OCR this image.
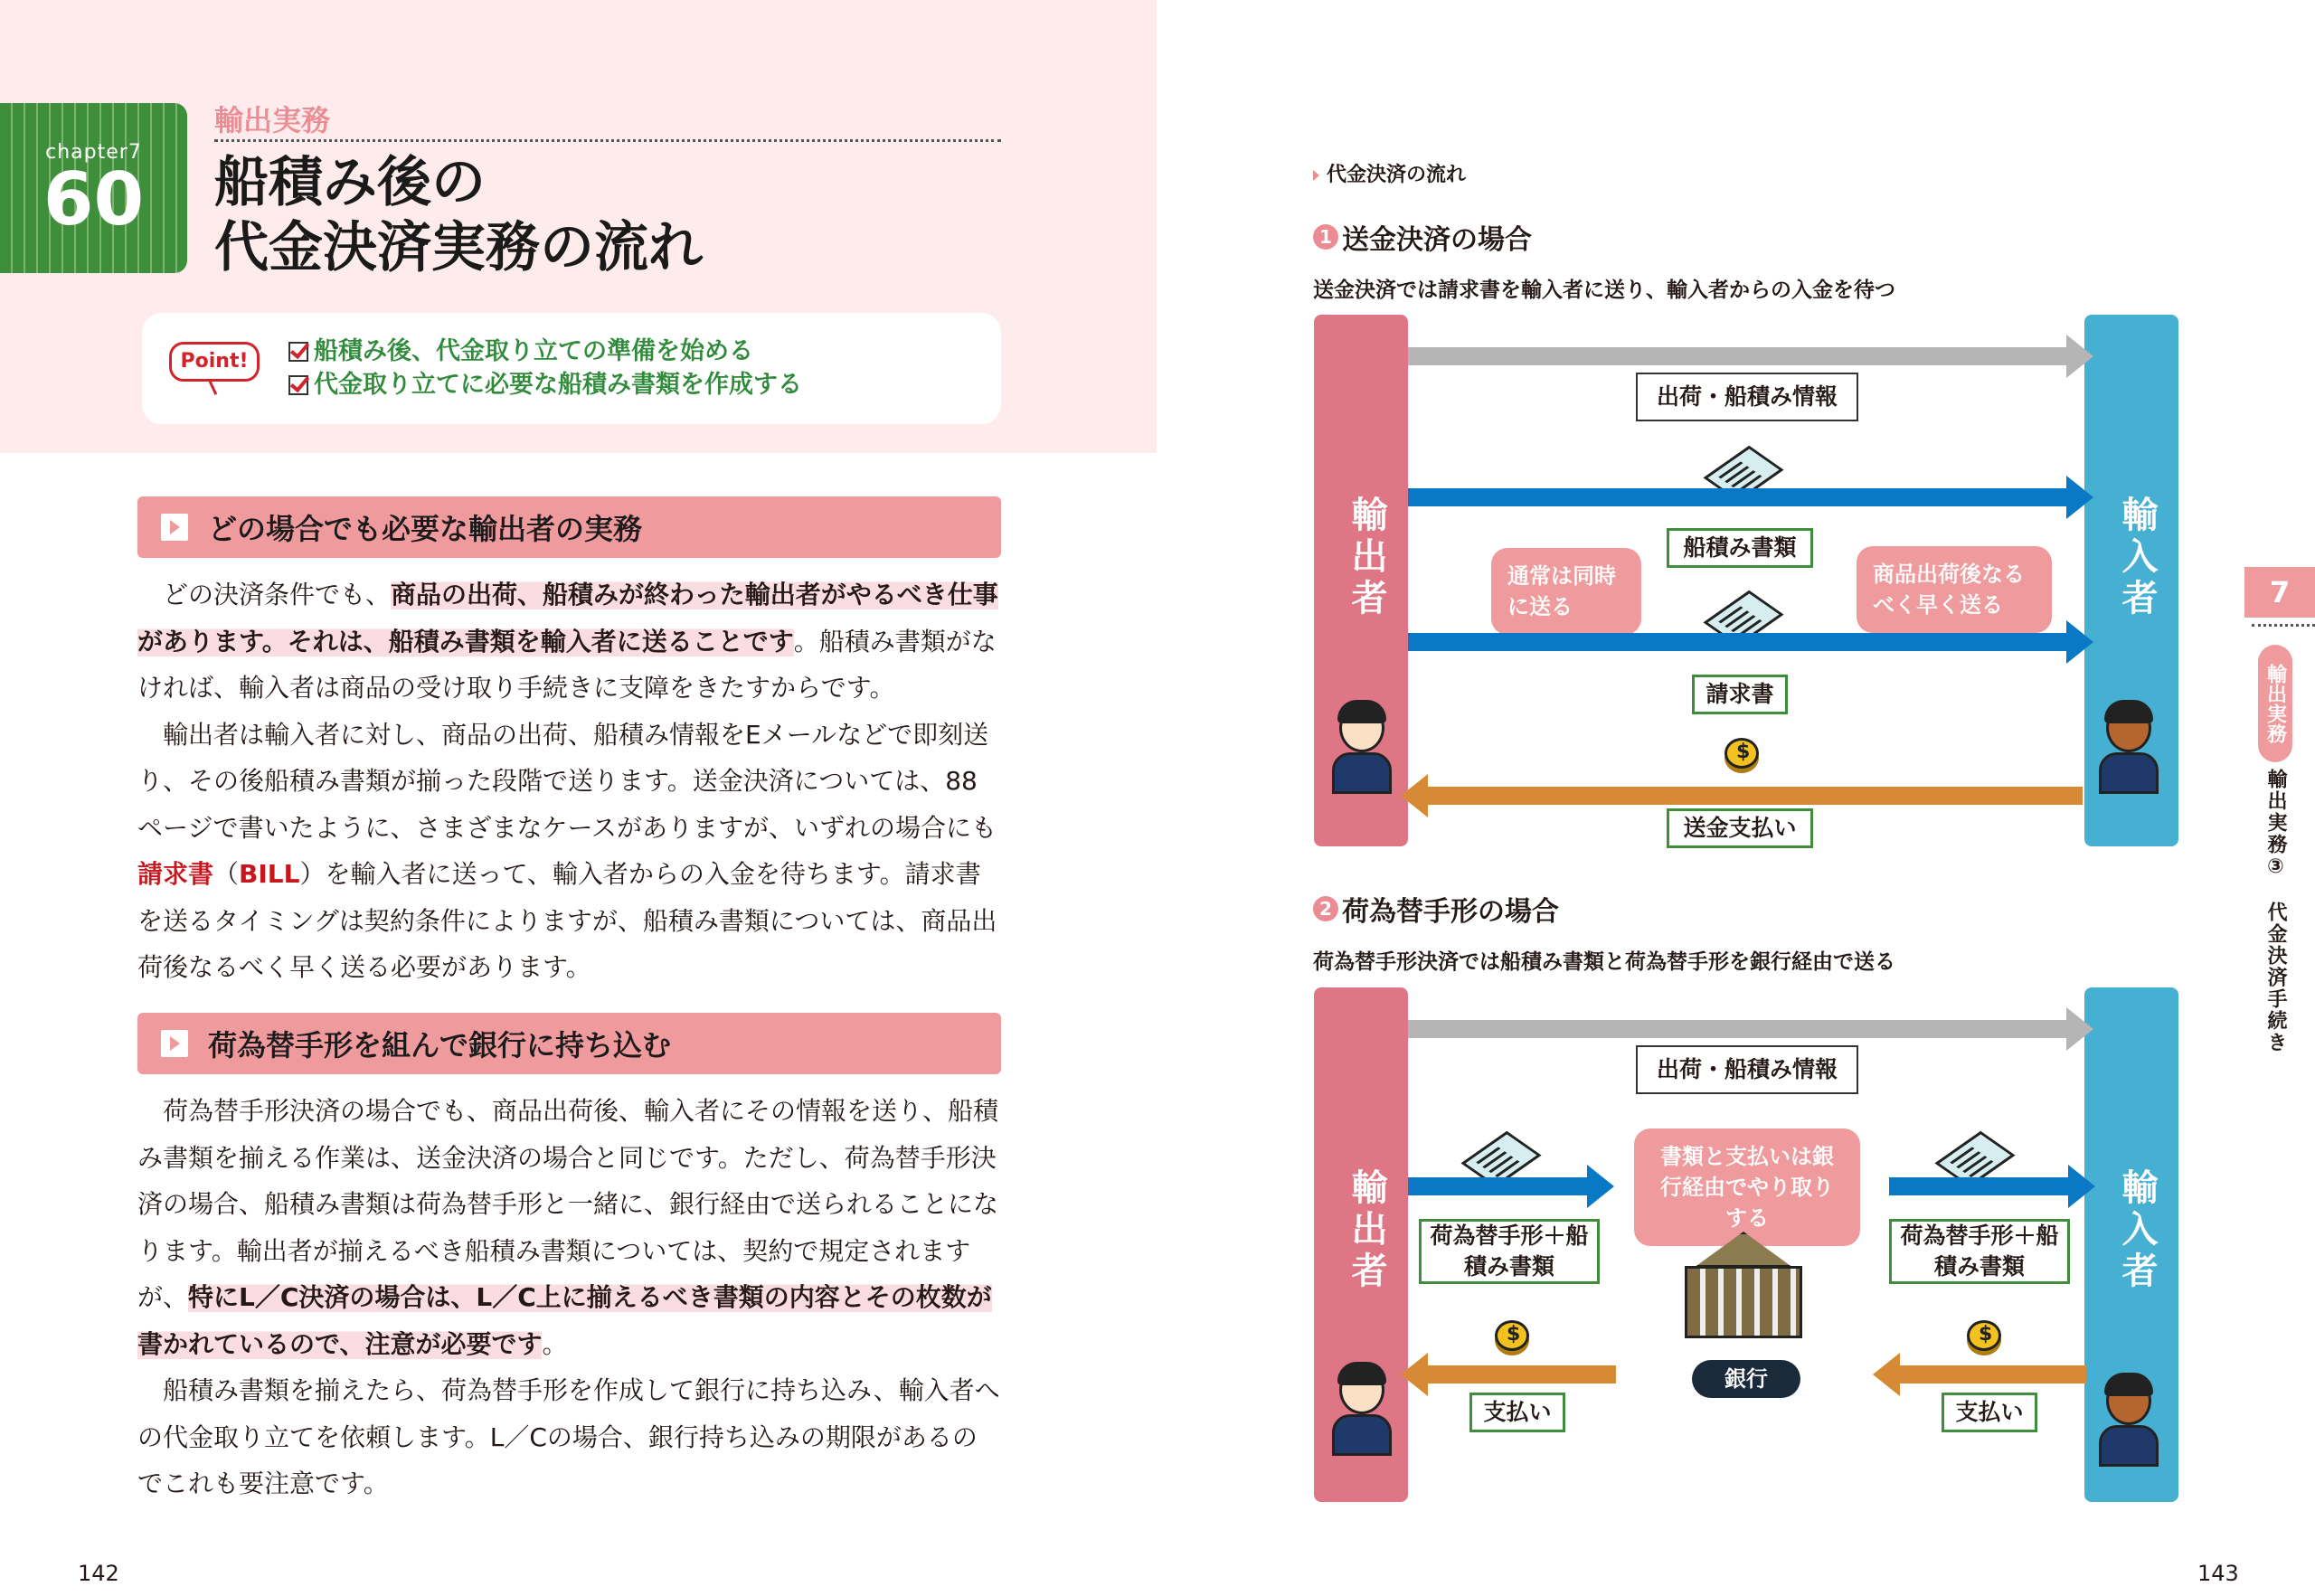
chapter7
60
輸出実務
船積み後の
代金決済実務の流れ
Point!	船積み後、代金取り立ての準備を始める
代金取り立てに必要な船積み書類を作成する
どの場合でも必要な輸出者の実務

どの決済条件でも、商品の出荷、船積みが終わった輸出者がやるべき仕事があります。それは、船積み書類を輸入者に送ることです。船積み書類がなければ、輸入者は商品の受け取り手続きに支障をきたすからです。

輸出者は輸入者に対し、商品の出荷、船積み情報をEメールなどで即刻送り、その後船積み書類が揃った段階で送ります。送金決済については、88ページで書いたように、さまざまなケースがありますが、いずれの場合にも請求書（BILL）を輸入者に送って、輸入者からの入金を待ちます。請求書を送るタイミングは契約条件によりますが、船積み書類については、商品出荷後なるべく早く送る必要があります。

荷為替手形を組んで銀行に持ち込む

荷為替手形決済の場合でも、商品出荷後、輸入者にその情報を送り、船積み書類を揃える作業は、送金決済の場合と同じです。ただし、荷為替手形決済の場合、船積み書類は荷為替手形と一緒に、銀行経由で送られることになります。輸出者が揃えるべき船積み書類については、契約で規定されますが、特にL／C決済の場合は、L／C上に揃えるべき書類の内容とその枚数が書かれているので、注意が必要です。

船積み書類を揃えたら、荷為替手形を作成して銀行に持ち込み、輸入者への代金取り立てを依頼します。L／Cの場合、銀行持ち込みの期限があるのでこれも要注意です。

142
代金決済の流れ
1 送金決済の場合
送金決済では請求書を輸入者に送り、輸入者からの入金を待つ
輸出者	輸入者
出荷・船積み情報
船積み書類
通常は同時に送る
商品出荷後なるべく早く送る
請求書
$
送金支払い
2 荷為替手形の場合
荷為替手形決済では船積み書類と荷為替手形を銀行経由で送る
輸出者	輸入者
出荷・船積み情報
書類と支払いは銀行経由でやり取りする
荷為替手形＋船積み書類
荷為替手形＋船積み書類
銀行
$
$
支払い	支払い
7
輸出実務
輸出実務③　代金決済手続き
143
